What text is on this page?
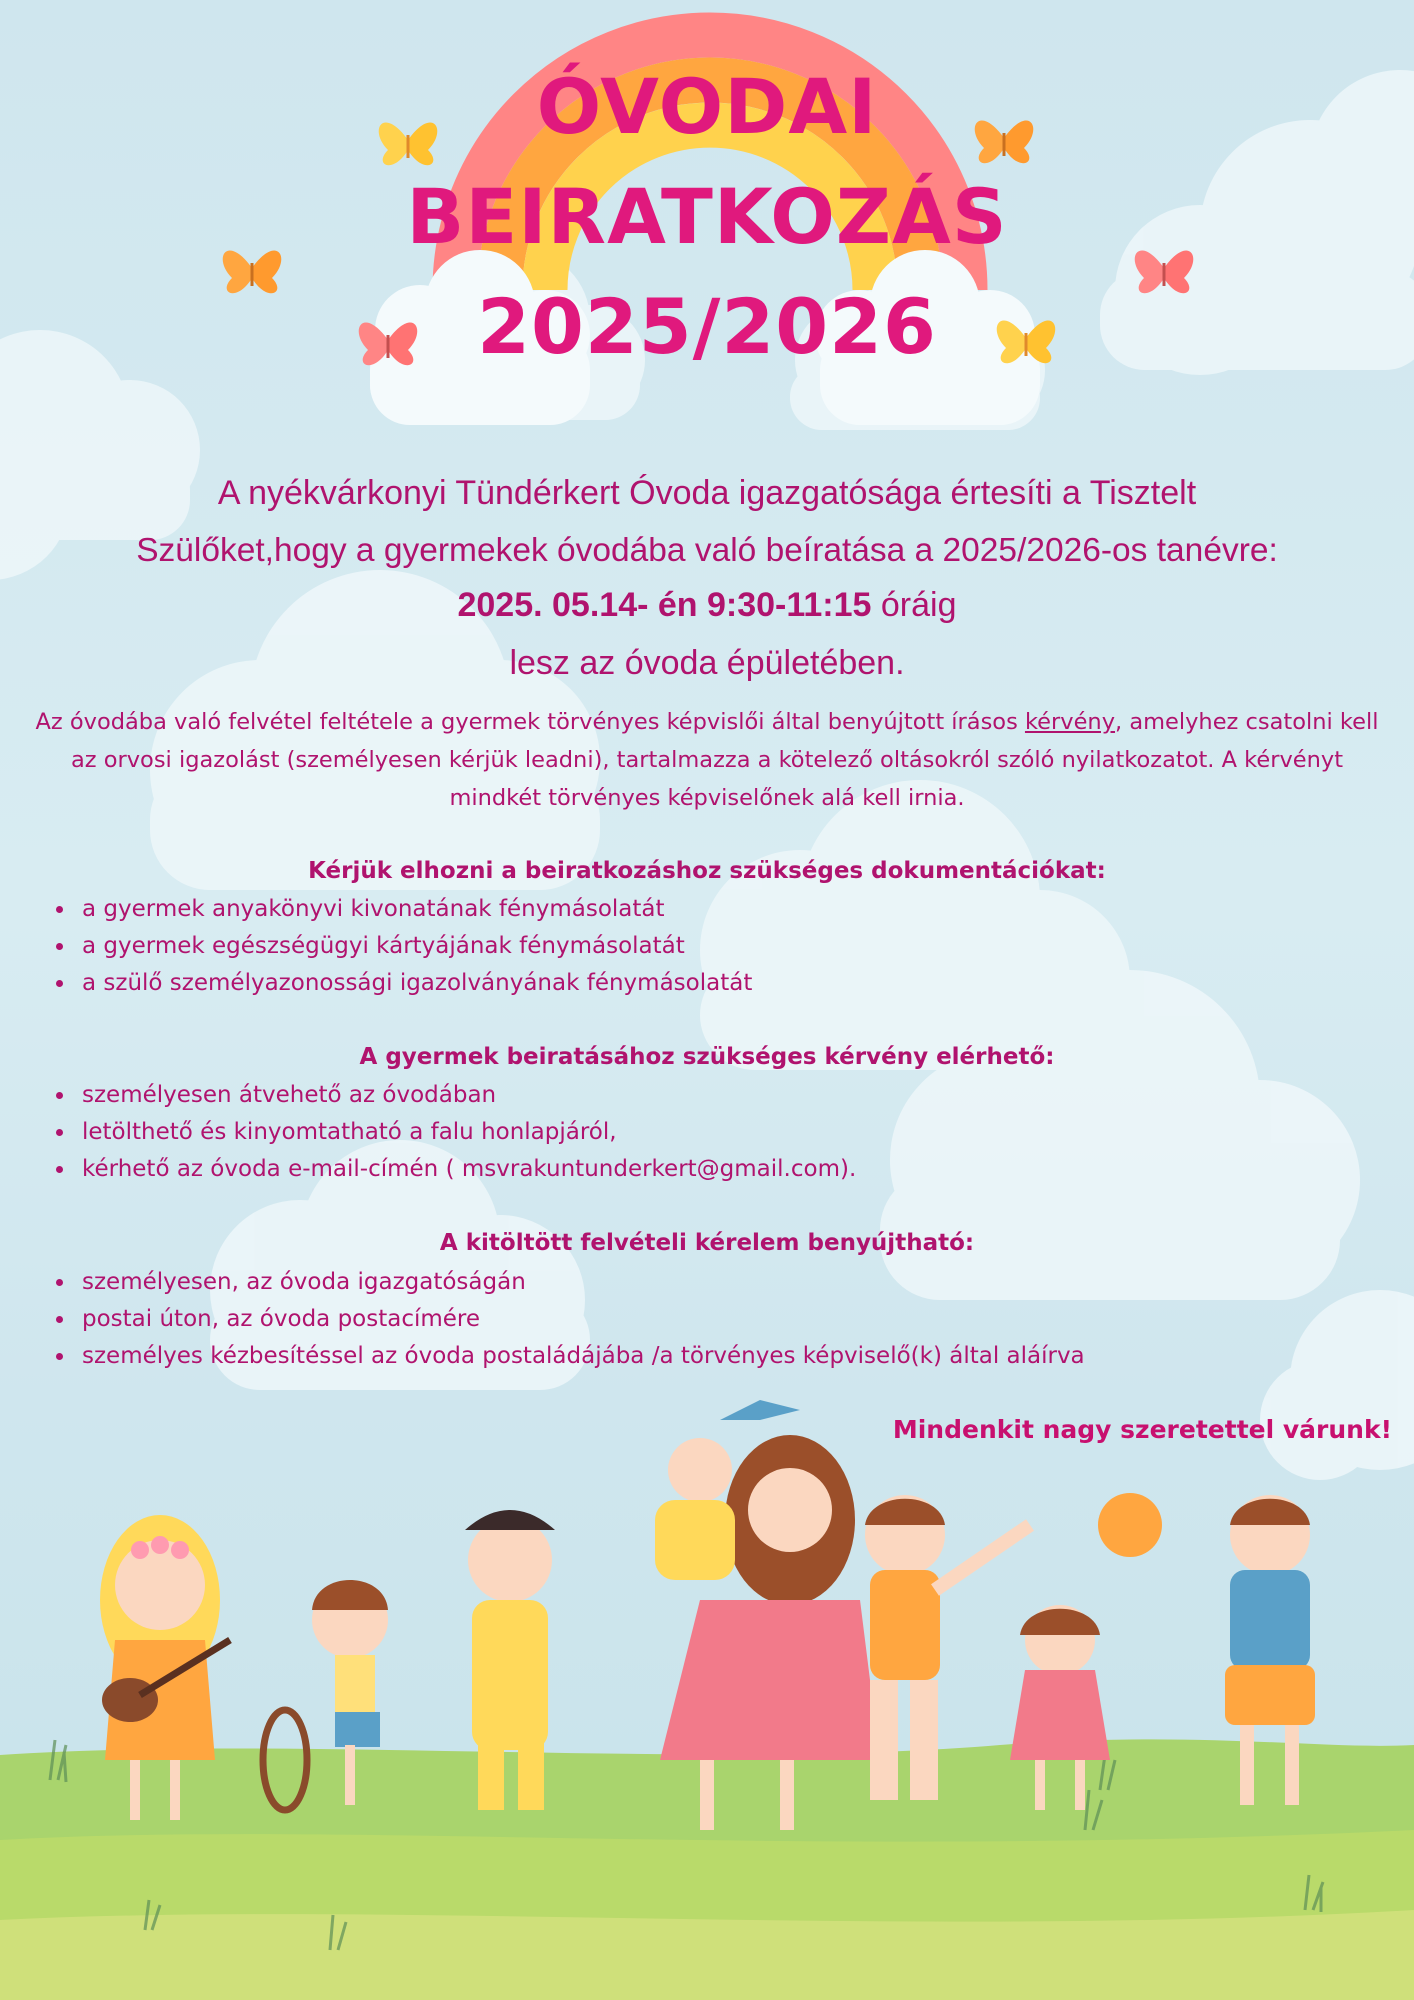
ÓVODAI
BEIRATKOZÁS
2025/2026
A nyékvárkonyi Tündérkert Óvoda igazgatósága értesíti a Tisztelt
Szülőket,hogy a gyermekek óvodába való beíratása a 2025/2026-os tanévre:
2025. 05.14- én 9:30-11:15 óráig
lesz az óvoda épületében.
Az óvodába való felvétel feltétele a gyermek törvényes képvislői által benyújtott írásos kérvény, amelyhez csatolni kell az orvosi igazolást (személyesen kérjük leadni), tartalmazza a kötelező oltásokról szóló nyilatkozatot. A kérvényt mindkét törvényes képviselőnek alá kell irnia.
Kérjük elhozni a beiratkozáshoz szükséges dokumentációkat:
• a gyermek anyakönyvi kivonatának fénymásolatát
• a gyermek egészségügyi kártyájának fénymásolatát
• a szülő személyazonossági igazolványának fénymásolatát
A gyermek beiratásához szükséges kérvény elérhető:
• személyesen átvehető az óvodában
• letölthető és kinyomtatható a falu honlapjáról,
• kérhető az óvoda e-mail-címén ( msvrakuntunderkert@gmail.com).
A kitöltött felvételi kérelem benyújtható:
• személyesen, az óvoda igazgatóságán
• postai úton, az óvoda postacímére
• személyes kézbesítéssel az óvoda postaládájába /a törvényes képviselő(k) által aláírva
Mindenkit nagy szeretettel várunk!
